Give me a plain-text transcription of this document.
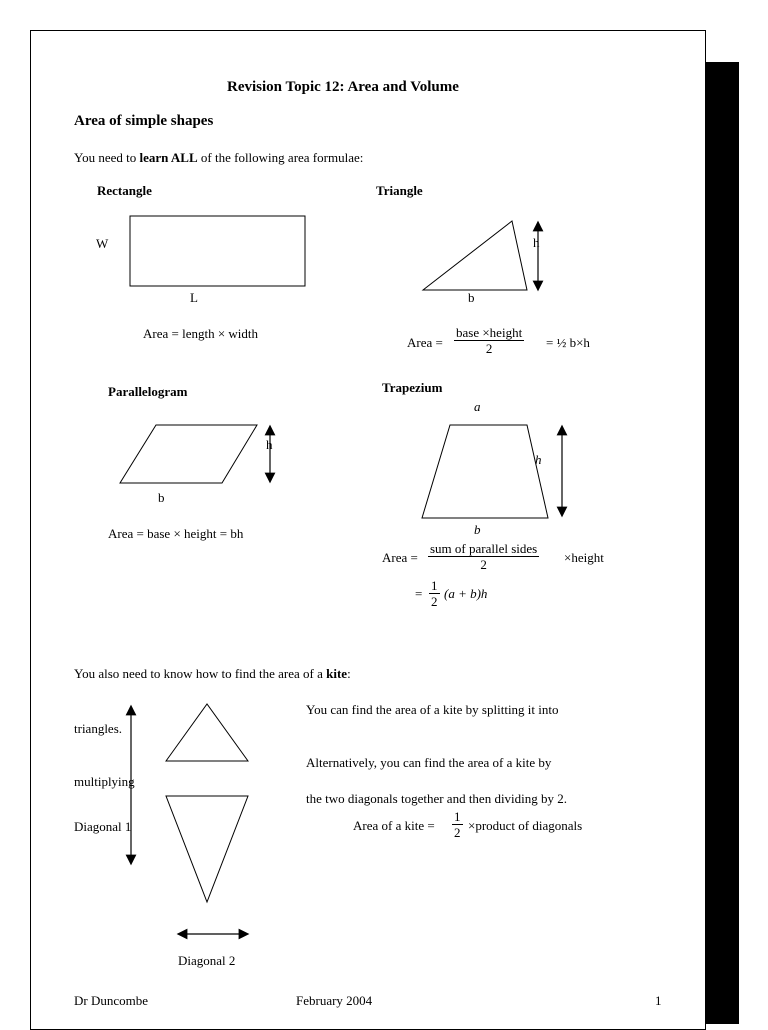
Revision Topic 12: Area and Volume
Area of simple shapes
You need to learn ALL of the following area formulae:
Rectangle	Triangle
Parallelogram	Trapezium
W
L
Area = length × width
h
b
Area =
base ×height
2	= ½ b×h
h
b
Area = base × height = bh
a
h
b
Area =
sum of parallel sides
2	×height
= $\frac{1}{2} (a + b)h$
You also need to know how to find the area of a kite:
You can find the area of a kite by splitting it into
triangles.
Alternatively, you can find the area of a kite by
multiplying
the two diagonals together and then dividing by 2.
Diagonal 1	Area of a kite = $\frac{1}{2}$ ×product of diagonals
Diagonal 2
Dr Duncombe	February 2004	1
